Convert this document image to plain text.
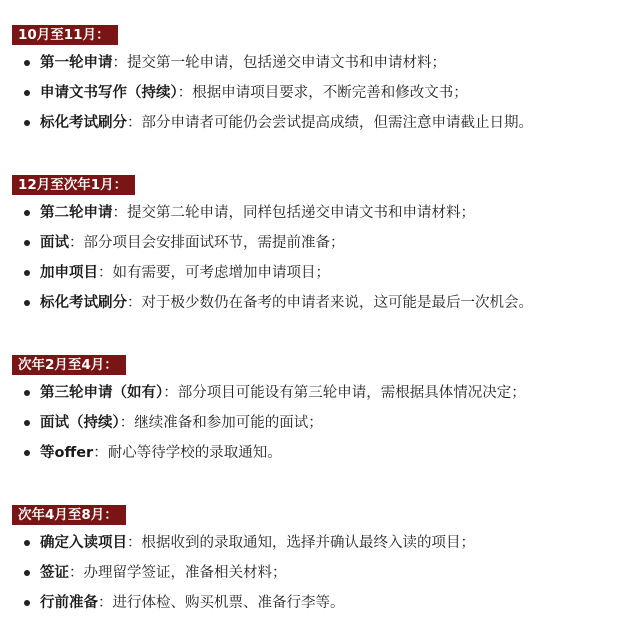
10月至11月：
第一轮申请：提交第一轮申请，包括递交申请文书和申请材料；
申请文书写作（持续）：根据申请项目要求，不断完善和修改文书；
标化考试刷分：部分申请者可能仍会尝试提高成绩，但需注意申请截止日期。
12月至次年1月：
第二轮申请：提交第二轮申请，同样包括递交申请文书和申请材料；
面试：部分项目会安排面试环节，需提前准备；
加申项目：如有需要，可考虑增加申请项目；
标化考试刷分：对于极少数仍在备考的申请者来说，这可能是最后一次机会。
次年2月至4月：
第三轮申请（如有）：部分项目可能设有第三轮申请，需根据具体情况决定；
面试（持续）：继续准备和参加可能的面试；
等offer：耐心等待学校的录取通知。
次年4月至8月：
确定入读项目：根据收到的录取通知，选择并确认最终入读的项目；
签证：办理留学签证，准备相关材料；
行前准备：进行体检、购买机票、准备行李等。
